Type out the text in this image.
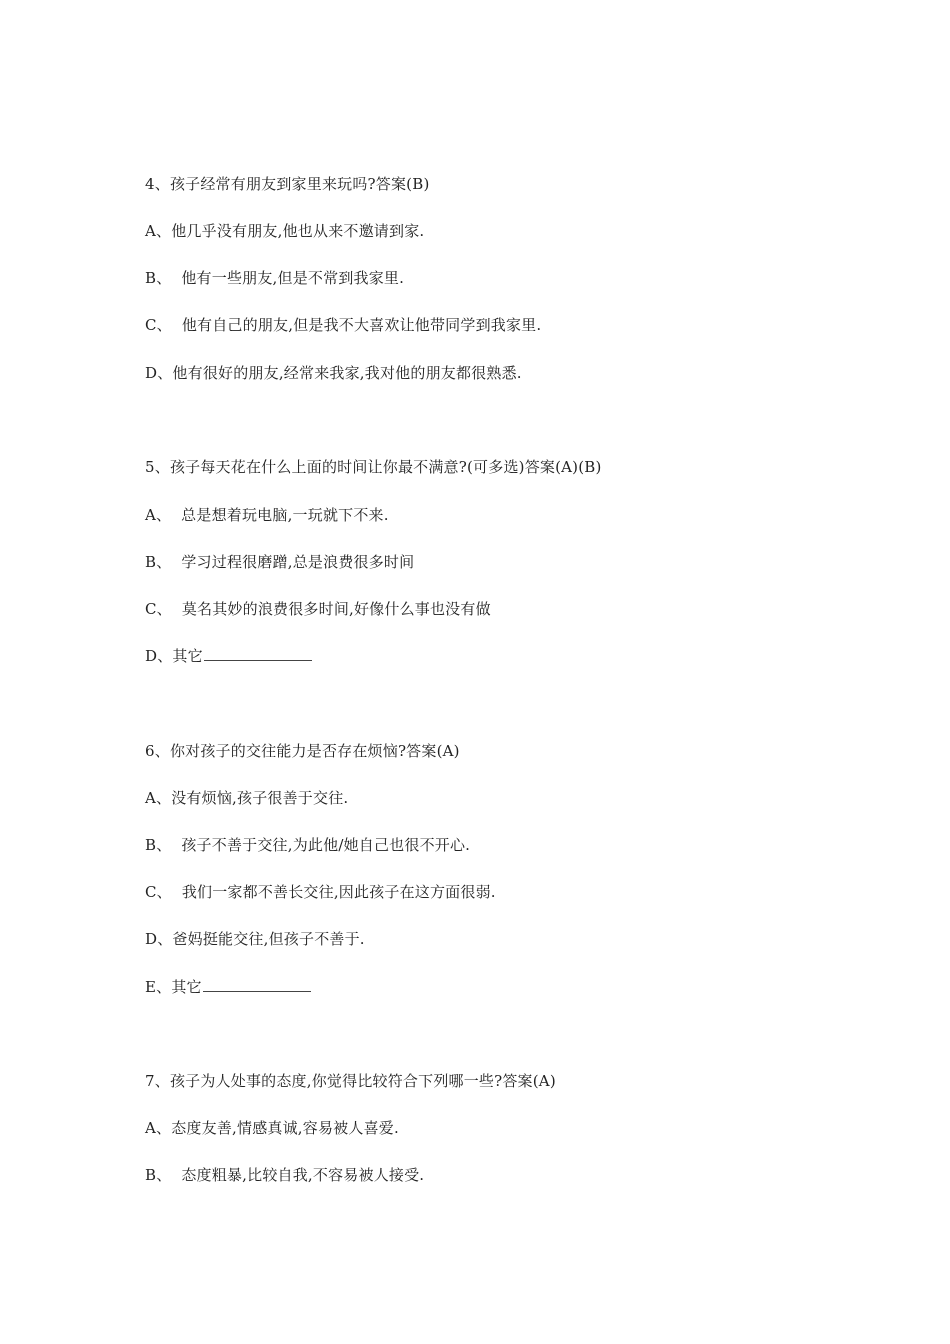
4、孩子经常有朋友到家里来玩吗?答案(B)
A、他几乎没有朋友,他也从来不邀请到家.
B、  他有一些朋友,但是不常到我家里.
C、  他有自己的朋友,但是我不大喜欢让他带同学到我家里.
D、他有很好的朋友,经常来我家,我对他的朋友都很熟悉.
5、孩子每天花在什么上面的时间让你最不满意?(可多选)答案(A)(B)
A、  总是想着玩电脑,一玩就下不来.
B、  学习过程很磨蹭,总是浪费很多时间
C、  莫名其妙的浪费很多时间,好像什么事也没有做
D、其它
6、你对孩子的交往能力是否存在烦恼?答案(A)
A、没有烦恼,孩子很善于交往.
B、  孩子不善于交往,为此他/她自己也很不开心.
C、  我们一家都不善长交往,因此孩子在这方面很弱.
D、爸妈挺能交往,但孩子不善于.
E、其它
7、孩子为人处事的态度,你觉得比较符合下列哪一些?答案(A)
A、态度友善,情感真诚,容易被人喜爱.
B、  态度粗暴,比较自我,不容易被人接受.
